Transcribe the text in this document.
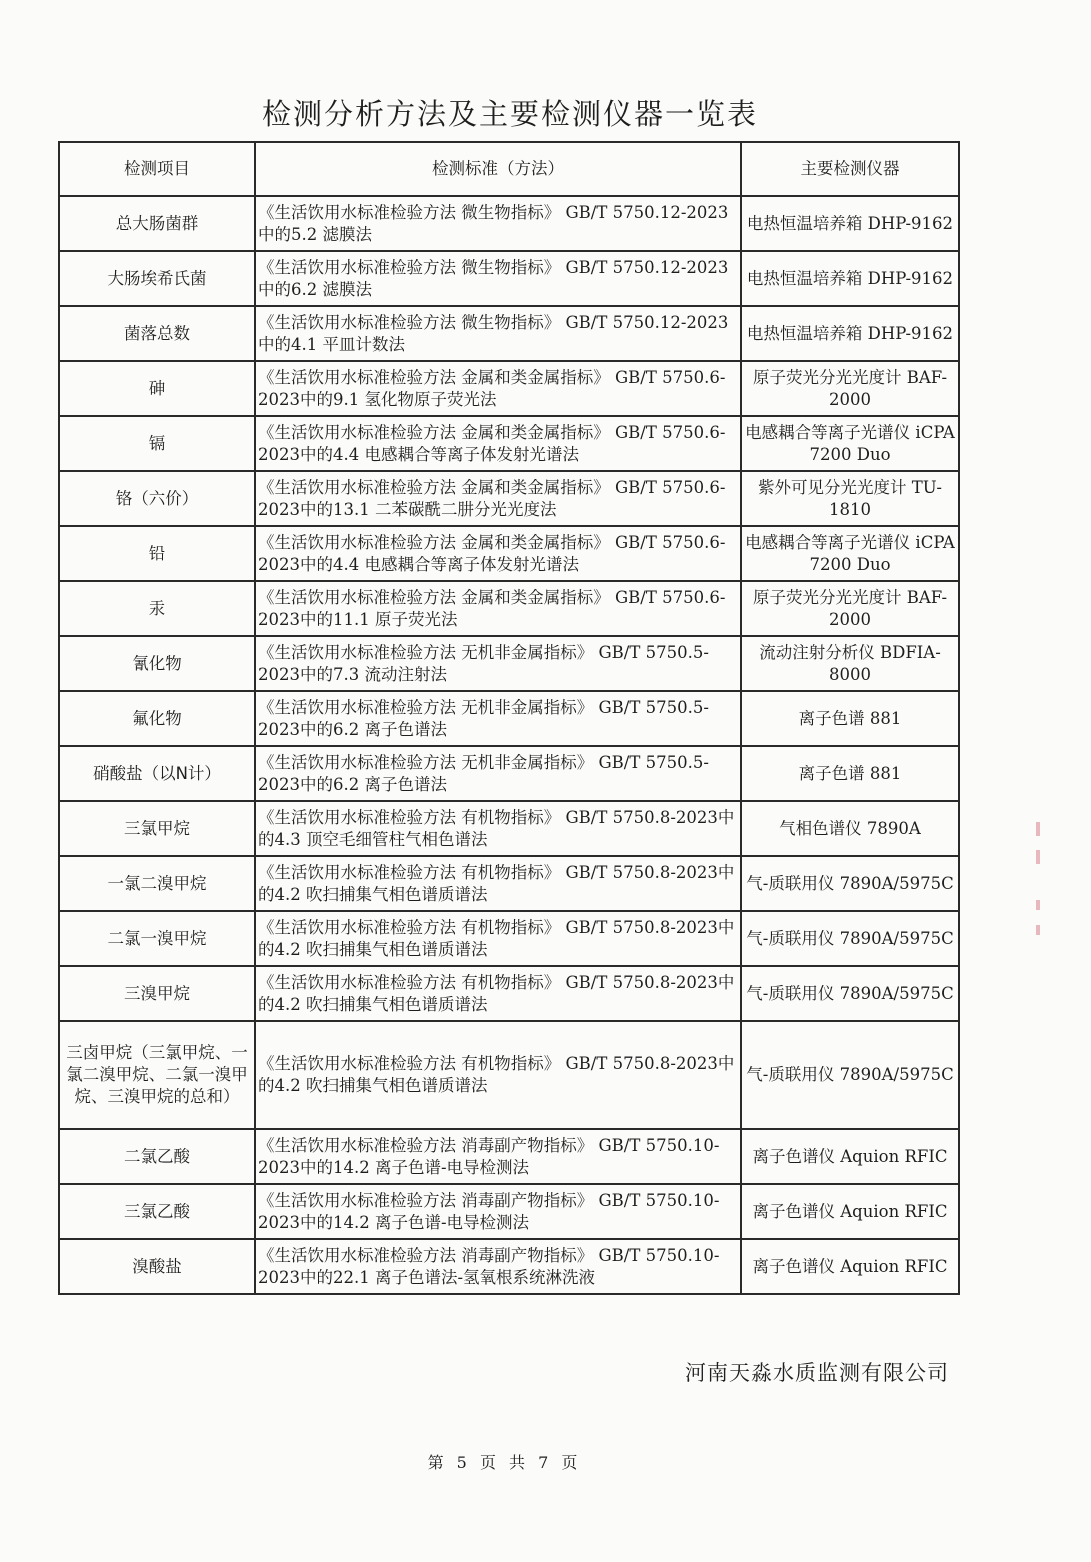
检测分析方法及主要检测仪器一览表
检测项目	检测标准（方法）	主要检测仪器
总大肠菌群	《生活饮用水标准检验方法 微生物指标》 GB/T 5750.12-2023中的5.2 滤膜法	电热恒温培养箱 DHP-9162
大肠埃希氏菌	《生活饮用水标准检验方法 微生物指标》 GB/T 5750.12-2023中的6.2 滤膜法	电热恒温培养箱 DHP-9162
菌落总数	《生活饮用水标准检验方法 微生物指标》 GB/T 5750.12-2023中的4.1 平皿计数法	电热恒温培养箱 DHP-9162
砷	《生活饮用水标准检验方法 金属和类金属指标》 GB/T 5750.6-2023中的9.1 氢化物原子荧光法	原子荧光分光光度计 BAF-2000
镉	《生活饮用水标准检验方法 金属和类金属指标》 GB/T 5750.6-2023中的4.4 电感耦合等离子体发射光谱法	电感耦合等离子光谱仪 iCPA 7200 Duo
铬（六价）	《生活饮用水标准检验方法 金属和类金属指标》 GB/T 5750.6-2023中的13.1 二苯碳酰二肼分光光度法	紫外可见分光光度计 TU-1810
铅	《生活饮用水标准检验方法 金属和类金属指标》 GB/T 5750.6-2023中的4.4 电感耦合等离子体发射光谱法	电感耦合等离子光谱仪 iCPA 7200 Duo
汞	《生活饮用水标准检验方法 金属和类金属指标》 GB/T 5750.6-2023中的11.1 原子荧光法	原子荧光分光光度计 BAF-2000
氰化物	《生活饮用水标准检验方法 无机非金属指标》 GB/T 5750.5-2023中的7.3 流动注射法	流动注射分析仪 BDFIA-8000
氟化物	《生活饮用水标准检验方法 无机非金属指标》 GB/T 5750.5-2023中的6.2 离子色谱法	离子色谱 881
硝酸盐（以N计）	《生活饮用水标准检验方法 无机非金属指标》 GB/T 5750.5-2023中的6.2 离子色谱法	离子色谱 881
三氯甲烷	《生活饮用水标准检验方法 有机物指标》 GB/T 5750.8-2023中的4.3 顶空毛细管柱气相色谱法	气相色谱仪 7890A
一氯二溴甲烷	《生活饮用水标准检验方法 有机物指标》 GB/T 5750.8-2023中的4.2 吹扫捕集气相色谱质谱法	气-质联用仪 7890A/5975C
二氯一溴甲烷	《生活饮用水标准检验方法 有机物指标》 GB/T 5750.8-2023中的4.2 吹扫捕集气相色谱质谱法	气-质联用仪 7890A/5975C
三溴甲烷	《生活饮用水标准检验方法 有机物指标》 GB/T 5750.8-2023中的4.2 吹扫捕集气相色谱质谱法	气-质联用仪 7890A/5975C
三卤甲烷（三氯甲烷、一氯二溴甲烷、二氯一溴甲烷、三溴甲烷的总和）	《生活饮用水标准检验方法 有机物指标》 GB/T 5750.8-2023中的4.2 吹扫捕集气相色谱质谱法	气-质联用仪 7890A/5975C
二氯乙酸	《生活饮用水标准检验方法 消毒副产物指标》 GB/T 5750.10-2023中的14.2 离子色谱-电导检测法	离子色谱仪 Aquion RFIC
三氯乙酸	《生活饮用水标准检验方法 消毒副产物指标》 GB/T 5750.10-2023中的14.2 离子色谱-电导检测法	离子色谱仪 Aquion RFIC
溴酸盐	《生活饮用水标准检验方法 消毒副产物指标》 GB/T 5750.10-2023中的22.1 离子色谱法-氢氧根系统淋洗液	离子色谱仪 Aquion RFIC
河南天淼水质监测有限公司
第 5 页 共 7 页
